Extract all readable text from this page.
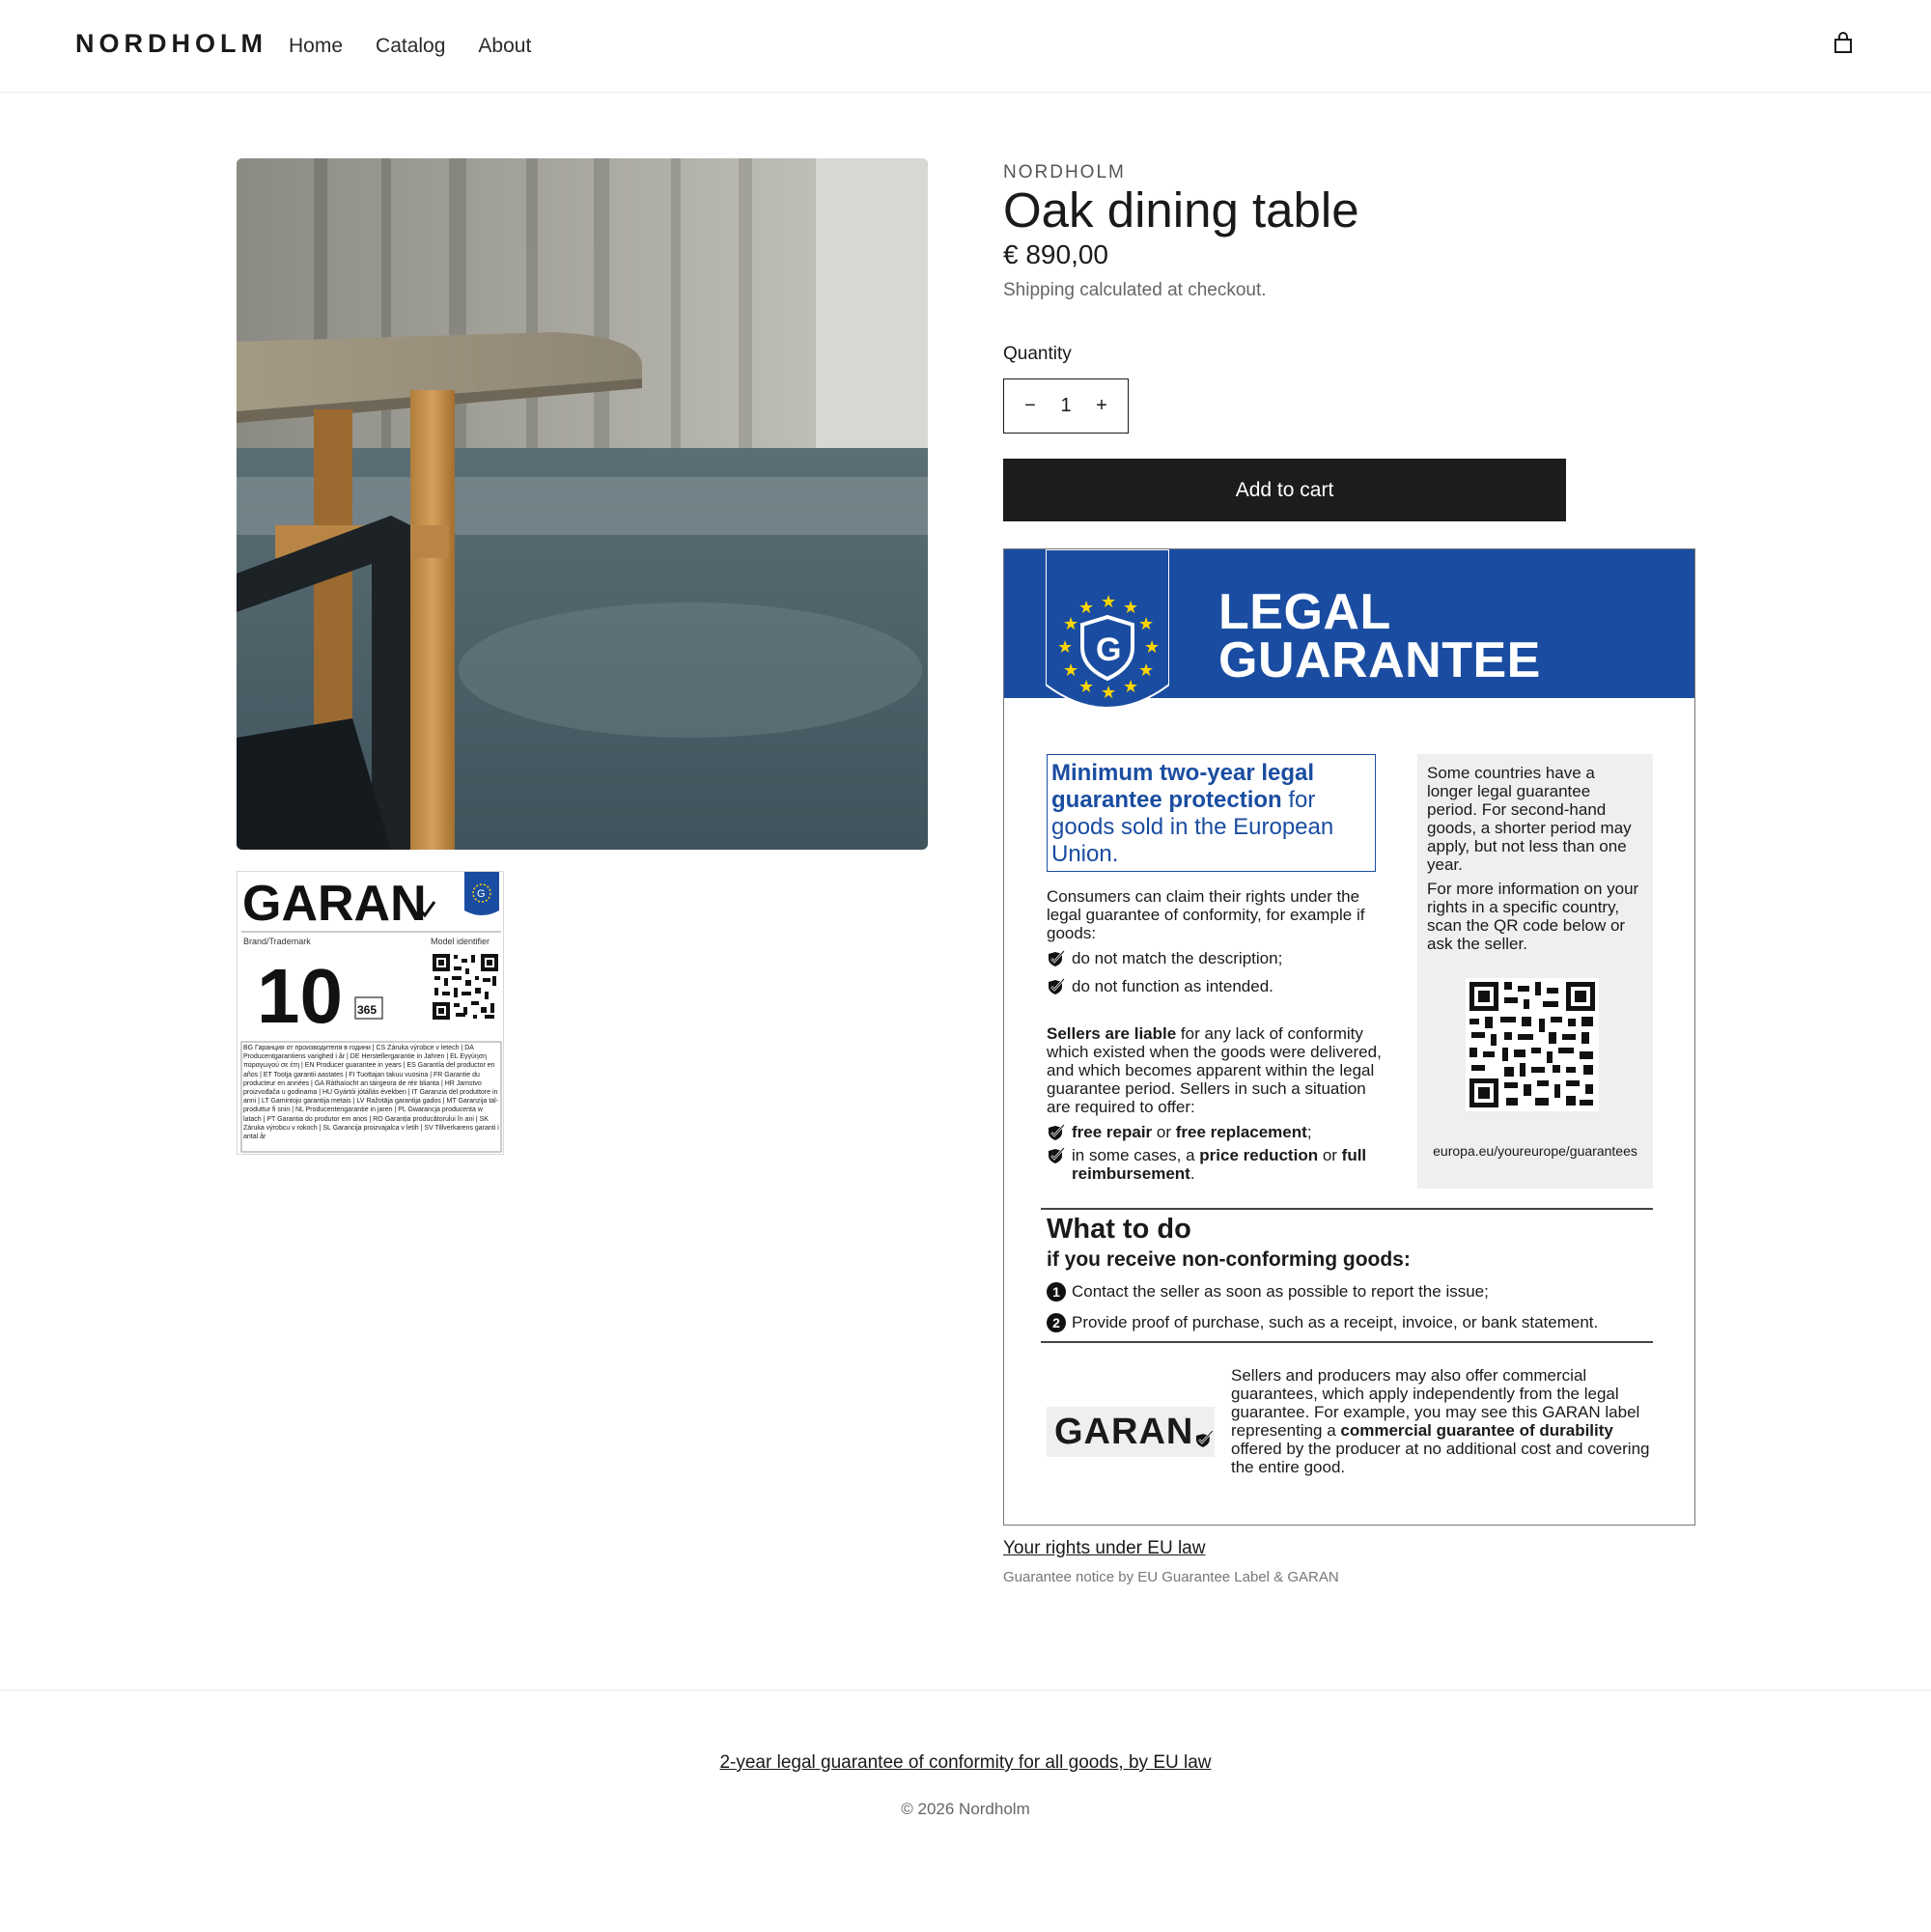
NORDHOLM Home Catalog About
GARAN	G
Brand/Trademark	Model identifier
10 365
BG Гаранция от производителя в години | CS Záruka výrobce v letech | DA Producentgarantiens varighed i år | DE Herstellergarantie in Jahren | EL Εγγύηση παραγωγού σε έτη | EN Producer guarantee in years | ES Garantía del productor en años | ET Tootja garantii aastates | FI Tuottajan takuu vuosina | FR Garantie du producteur en années | GA Ráthaíocht an táirgeora de réir blianta | HR Jamstvo proizvođača u godinama | HU Gyártói jótállás években | IT Garanzia del produttore in anni | LT Gamintojo garantija metais | LV Ražotāja garantija gados | MT Garanzija tal-produttur fi snin | NL Producentengarantie in jaren | PL Gwarancja producenta w latach | PT Garantia do produtor em anos | RO Garanția producătorului în ani | SK Záruka výrobcu v rokoch | SL Garancija proizvajalca v letih | SV Tillverkarens garanti i antal år
NORDHOLM
Oak dining table
€ 890,00
Shipping calculated at checkout.
Quantity
− 1 +
Add to cart
★ ★
★
★
★
★
★
★
★
★
★
★
G
LEGAL
GUARANTEE
Minimum two-year legal guarantee protection for goods sold in the European Union.
Consumers can claim their rights under the legal guarantee of conformity, for example if goods:
do not match the description;
do not function as intended.
Sellers are liable for any lack of conformity which existed when the goods were delivered, and which becomes apparent within the legal guarantee period. Sellers in such a situation are required to offer:
free repair or free replacement;
in some cases, a price reduction or full reimbursement.
Some countries have a longer legal guarantee period. For second-hand goods, a shorter period may apply, but not less than one year.
For more information on your rights in a specific country, scan the QR code below or ask the seller.
europa.eu/youreurope/guarantees
What to do
if you receive non-conforming goods:
1 Contact the seller as soon as possible to report the issue;
2 Provide proof of purchase, such as a receipt, invoice, or bank statement.
GARAN
Sellers and producers may also offer commercial guarantees, which apply independently from the legal guarantee. For example, you may see this GARAN label representing a commercial guarantee of durability offered by the producer at no additional cost and covering the entire good.
Your rights under EU law
Guarantee notice by EU Guarantee Label & GARAN
2-year legal guarantee of conformity for all goods, by EU law
© 2026 Nordholm
